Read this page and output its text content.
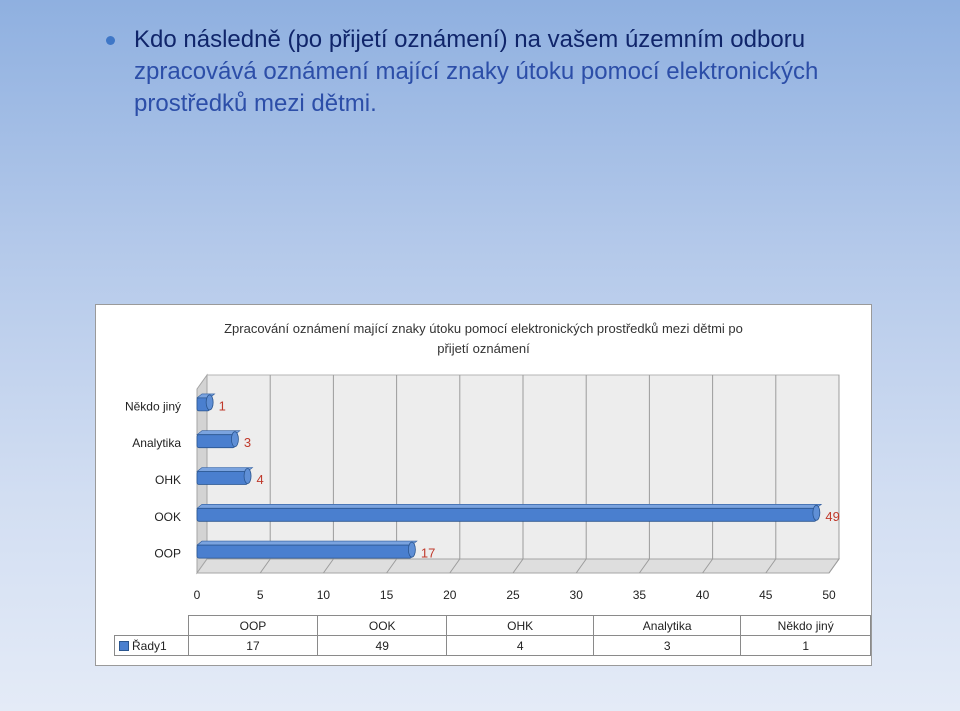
Kdo následně (po přijetí oznámení) na vašem územním odboru
zpracovává oznámení mající znaky útoku pomocí elektronických
prostředků mezi dětmi.
Zpracování oznámení mající znaky útoku pomocí elektronických prostředků mezi dětmi po
přijetí oznámení
0	5	10	15	20	25	30	35	40	45	50
OOP	17
OOK	49
OHK	4
Analytika	3
Někdo jiný	1
	OOP	OOK	OHK	Analytika	Někdo jiný
Řady1	17	49	4	3	1
